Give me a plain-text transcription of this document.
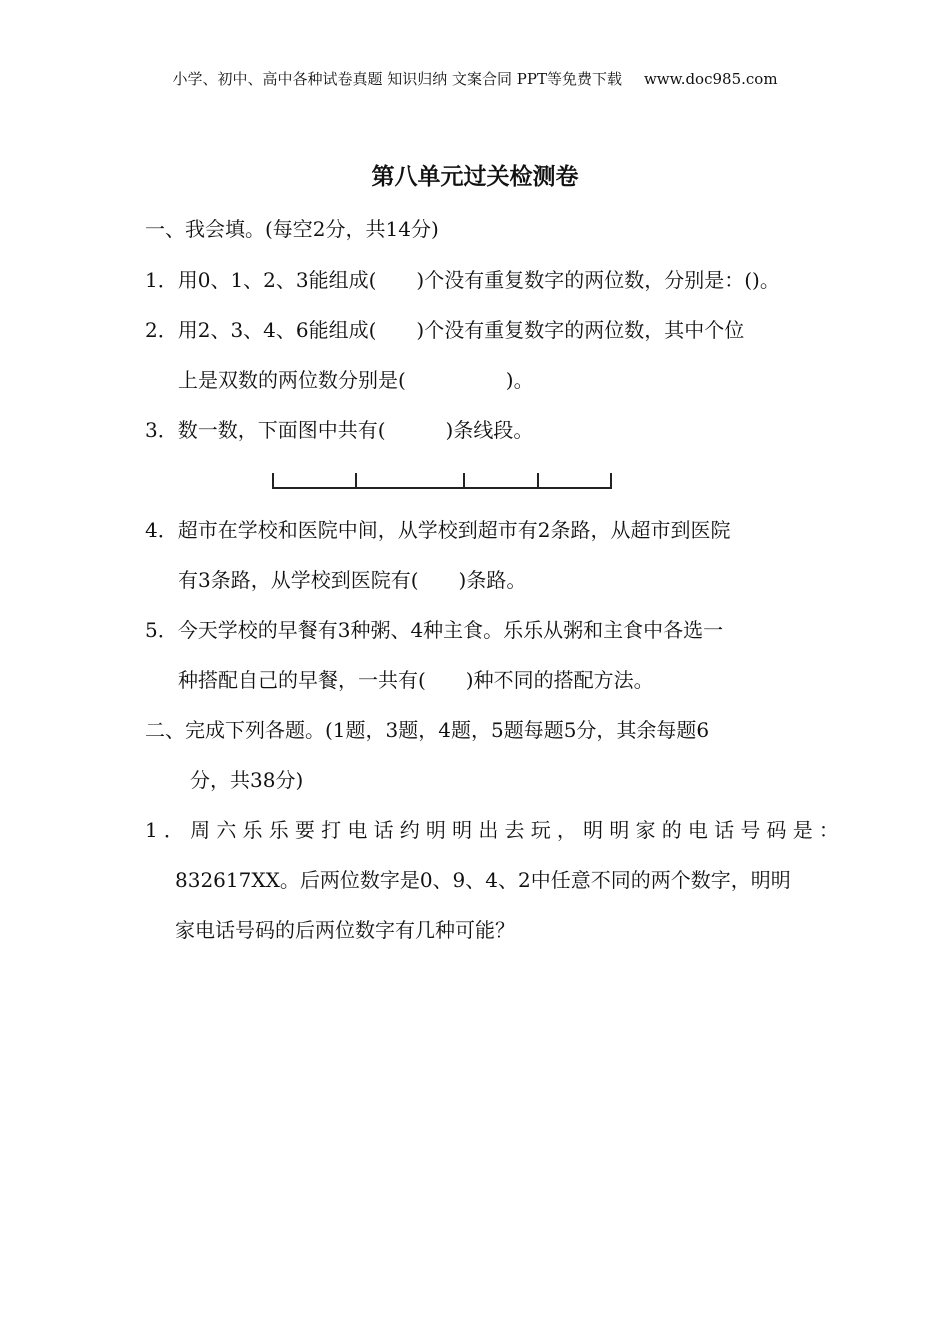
小学、初中、高中各种试卷真题 知识归纳 文案合同 PPT等免费下载 www.doc985.com
第八单元过关检测卷
一、我会填。(每空2分，共14分)
1．用0、1、2、3能组成(　　)个没有重复数字的两位数，分别是：()。
2．用2、3、4、6能组成(　　)个没有重复数字的两位数，其中个位
上是双数的两位数分别是(　　　　　)。
3．数一数，下面图中共有(　　　)条线段。
4．超市在学校和医院中间，从学校到超市有2条路，从超市到医院
有3条路，从学校到医院有(　　)条路。
5．今天学校的早餐有3种粥、4种主食。乐乐从粥和主食中各选一
种搭配自己的早餐，一共有(　　)种不同的搭配方法。
二、完成下列各题。(1题，3题，4题，5题每题5分，其余每题6
分，共38分)
1．周六乐乐要打电话约明明出去玩，明明家的电话号码是：
832617XX。后两位数字是0、9、4、2中任意不同的两个数字，明明
家电话号码的后两位数字有几种可能？
